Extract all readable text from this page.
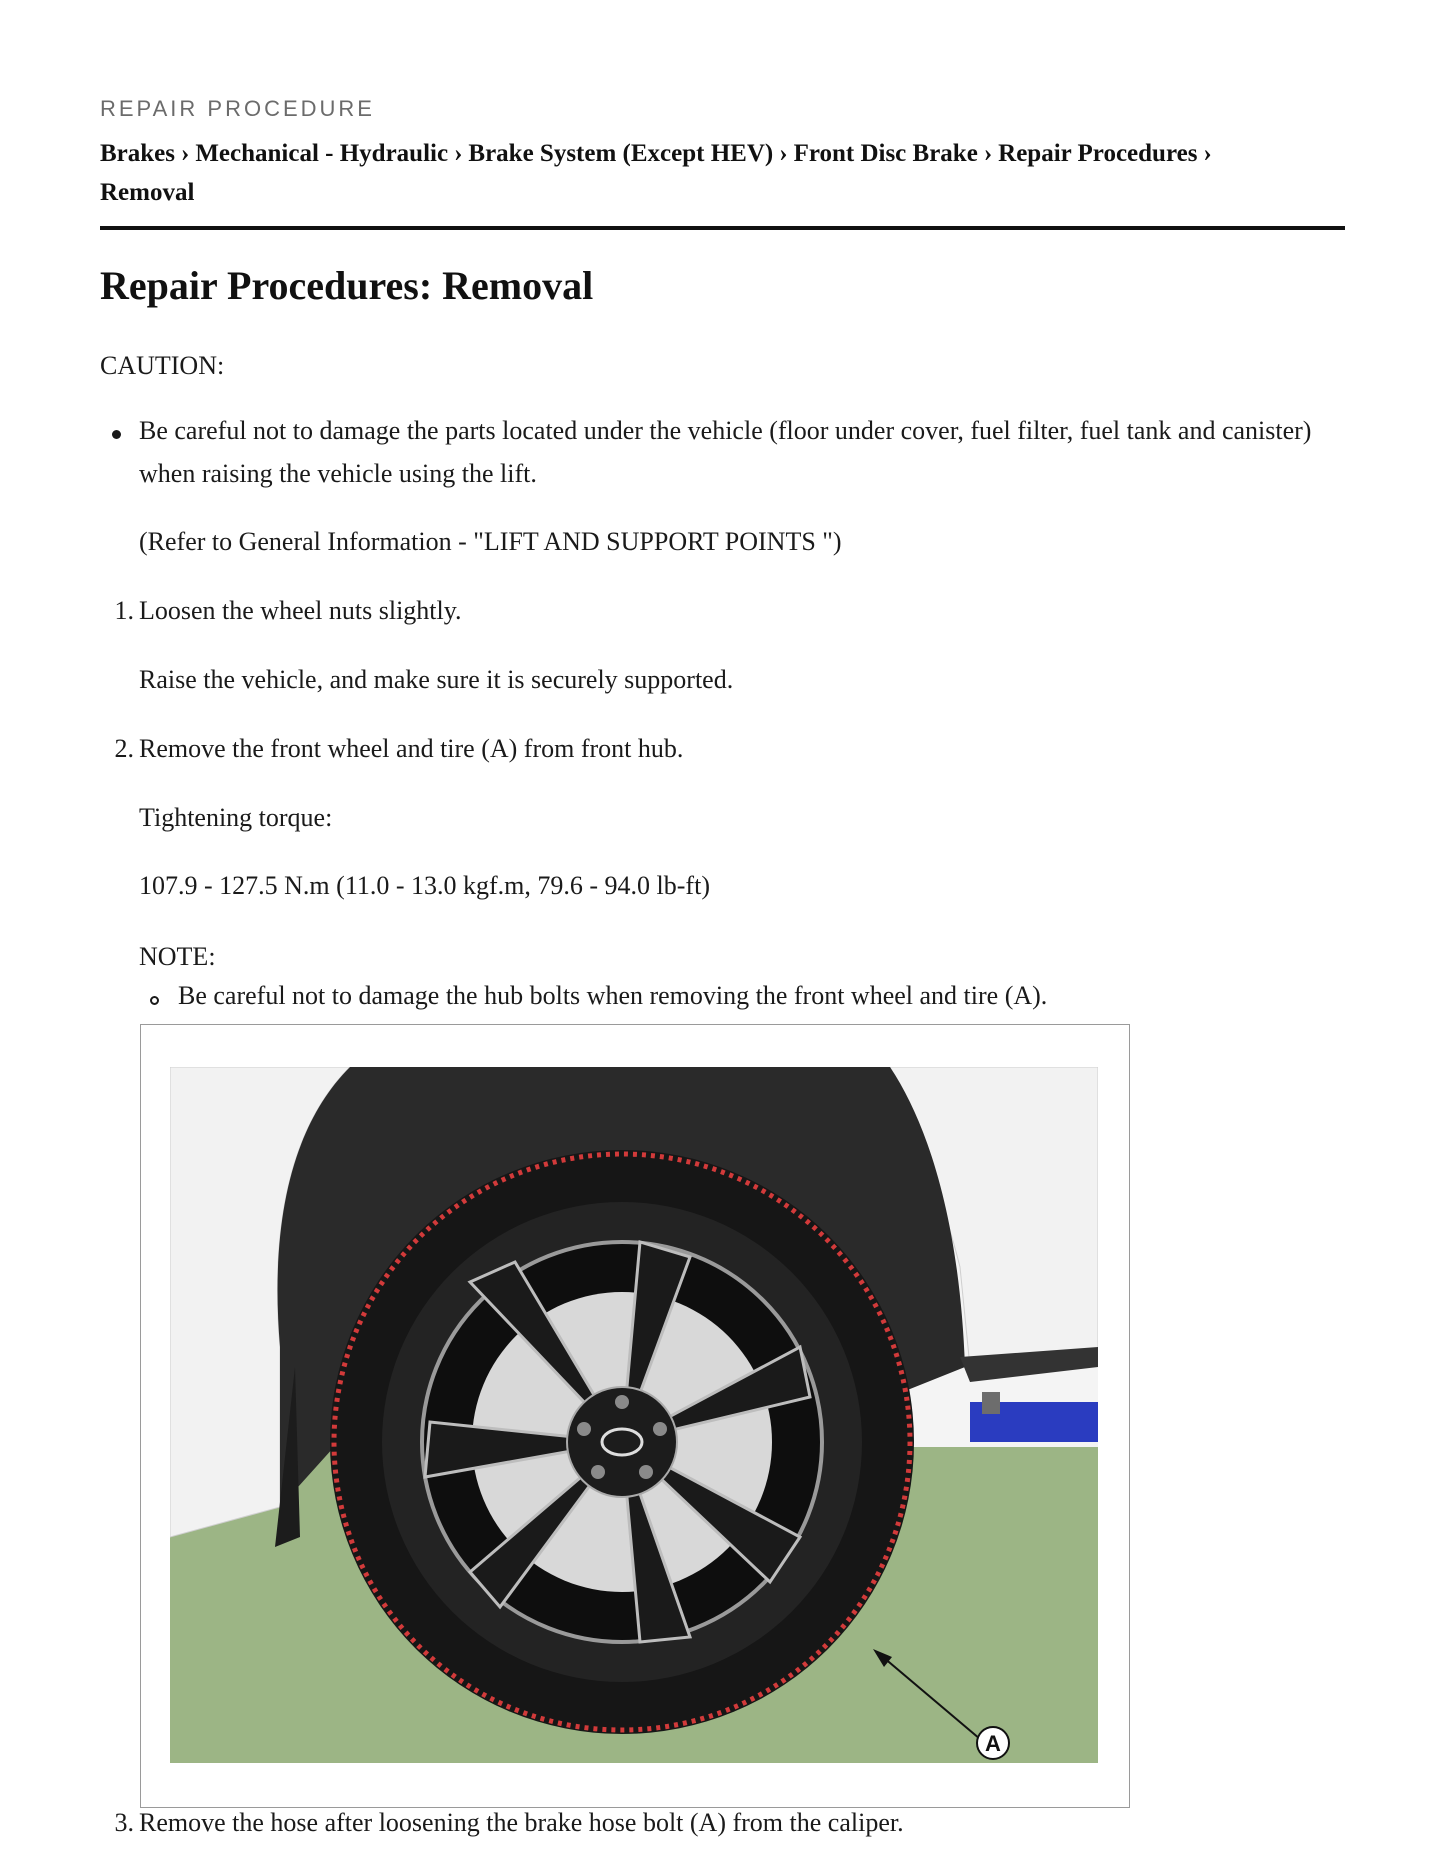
REPAIR PROCEDURE
Brakes › Mechanical - Hydraulic › Brake System (Except HEV) › Front Disc Brake › Repair Procedures ›
Removal
Repair Procedures: Removal

CAUTION:

Be careful not to damage the parts located under the vehicle (floor under cover, fuel filter, fuel tank and canister) when raising the vehicle using the lift.

(Refer to General Information - "LIFT AND SUPPORT POINTS ")

1. Loosen the wheel nuts slightly.

Raise the vehicle, and make sure it is securely supported.

2. Remove the front wheel and tire (A) from front hub.

Tightening torque:

107.9 - 127.5 N.m (11.0 - 13.0 kgf.m, 79.6 - 94.0 lb-ft)

NOTE:

Be careful not to damage the hub bolts when removing the front wheel and tire (A).

3. Remove the hose after loosening the brake hose bolt (A) from the caliper.

A
